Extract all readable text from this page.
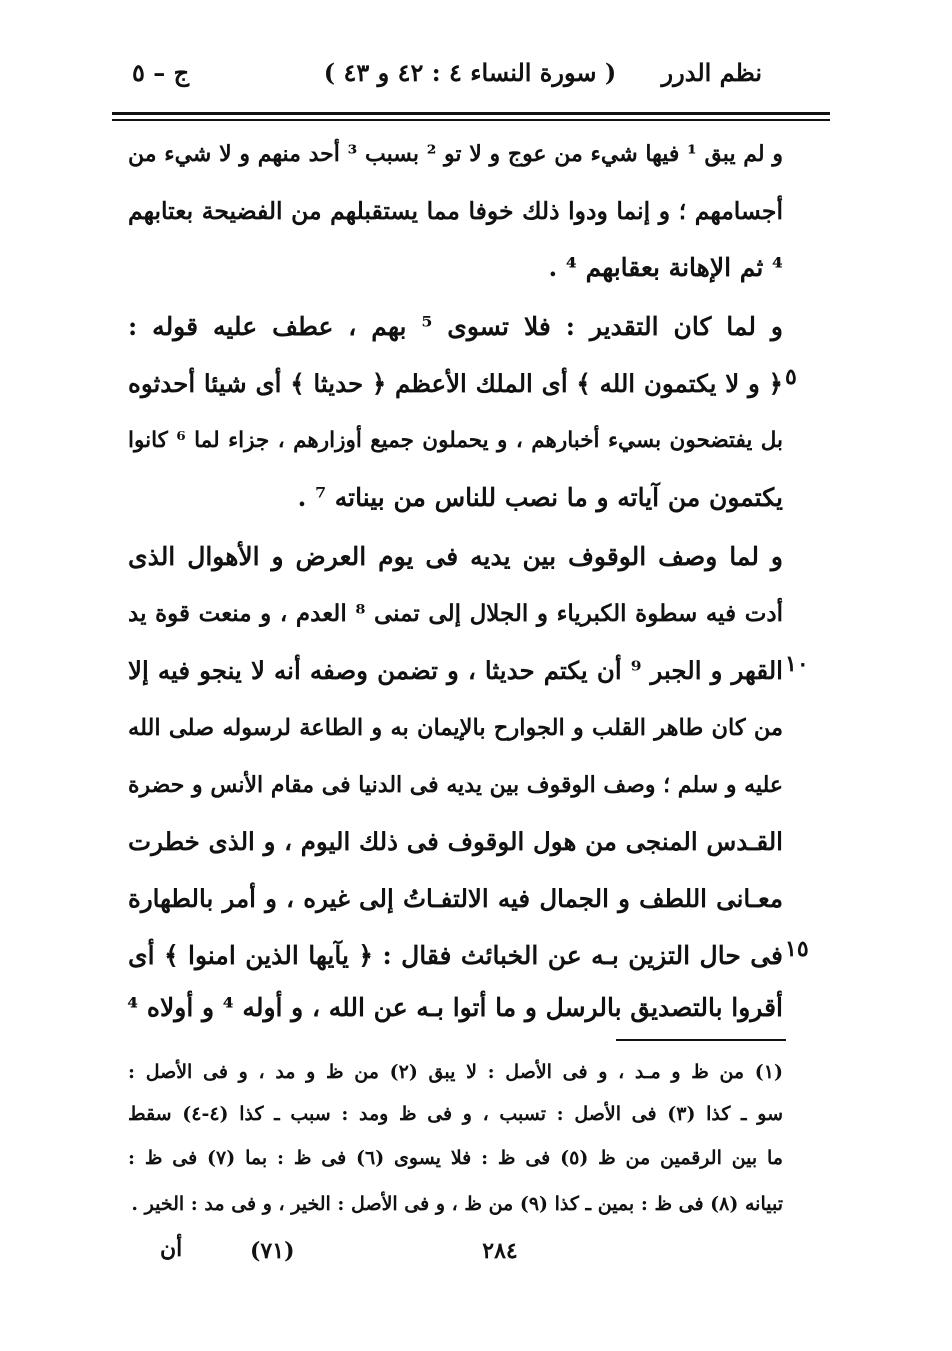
نظم الدرر
( سورة النساء ٤ : ٤٢ و ٤٣ )
ج – ٥
و لم يبق ¹ فيها شيء من عوج و لا تو ² بسبب ³ أحد منهم و لا شيء من
أجسامهم ؛ و إنما ودوا ذلك خوفا مما يستقبلهم من الفضيحة بعتابهم
⁴ ثم الإهانة بعقابهم ⁴ .
و لما كان التقدير : فلا تسوى ⁵ بهم ، عطف عليه قوله :
٥
﴿ و لا يكتمون الله ﴾ أى الملك الأعظم ﴿ حديثا ﴾ أى شيئا أحدثوه
بل يفتضحون بسيء أخبارهم ، و يحملون جميع أوزارهم ، جزاء لما ⁶ كانوا
يكتمون من آياته و ما نصب للناس من بيناته ⁷ .
و لما وصف الوقوف بين يديه فى يوم العرض و الأهوال الذى
أدت فيه سطوة الكبرياء و الجلال إلى تمنى ⁸ العدم ، و منعت قوة يد
١٠
القهر و الجبر ⁹ أن يكتم حديثا ، و تضمن وصفه أنه لا ينجو فيه إلا
من كان طاهر القلب و الجوارح بالإيمان به و الطاعة لرسوله صلى الله
عليه و سلم ؛ وصف الوقوف بين يديه فى الدنيا فى مقام الأنس و حضرة
القـدس المنجى من هول الوقوف فى ذلك اليوم ، و الذى خطرت
معـانى اللطف و الجمال فيه الالتفـاتُ إلى غيره ، و أمر بالطهارة
١٥
فى حال التزين بـه عن الخبائث فقال : ﴿ يآيها الذين امنوا ﴾ أى
أقروا بالتصديق بالرسل و ما أتوا بـه عن الله ، و أوله ⁴ و أولاه ⁴
(١) من ظ و مـد ، و فى الأصل : لا يبق (٢) من ظ و مد ، و فى الأصل :
سو ـ كذا (٣) فى الأصل : تسبب ، و فى ظ ومد : سبب ـ كذا (٤-٤) سقط
ما بين الرقمين من ظ (٥) فى ظ : فلا يسوى (٦) فى ظ : بما (٧) فى ظ :
تبيانه (٨) فى ظ : بمين ـ كذا (٩) من ظ ، و فى الأصل : الخير ، و فى مد : الخير .
٢٨٤
(٧١)
أن
